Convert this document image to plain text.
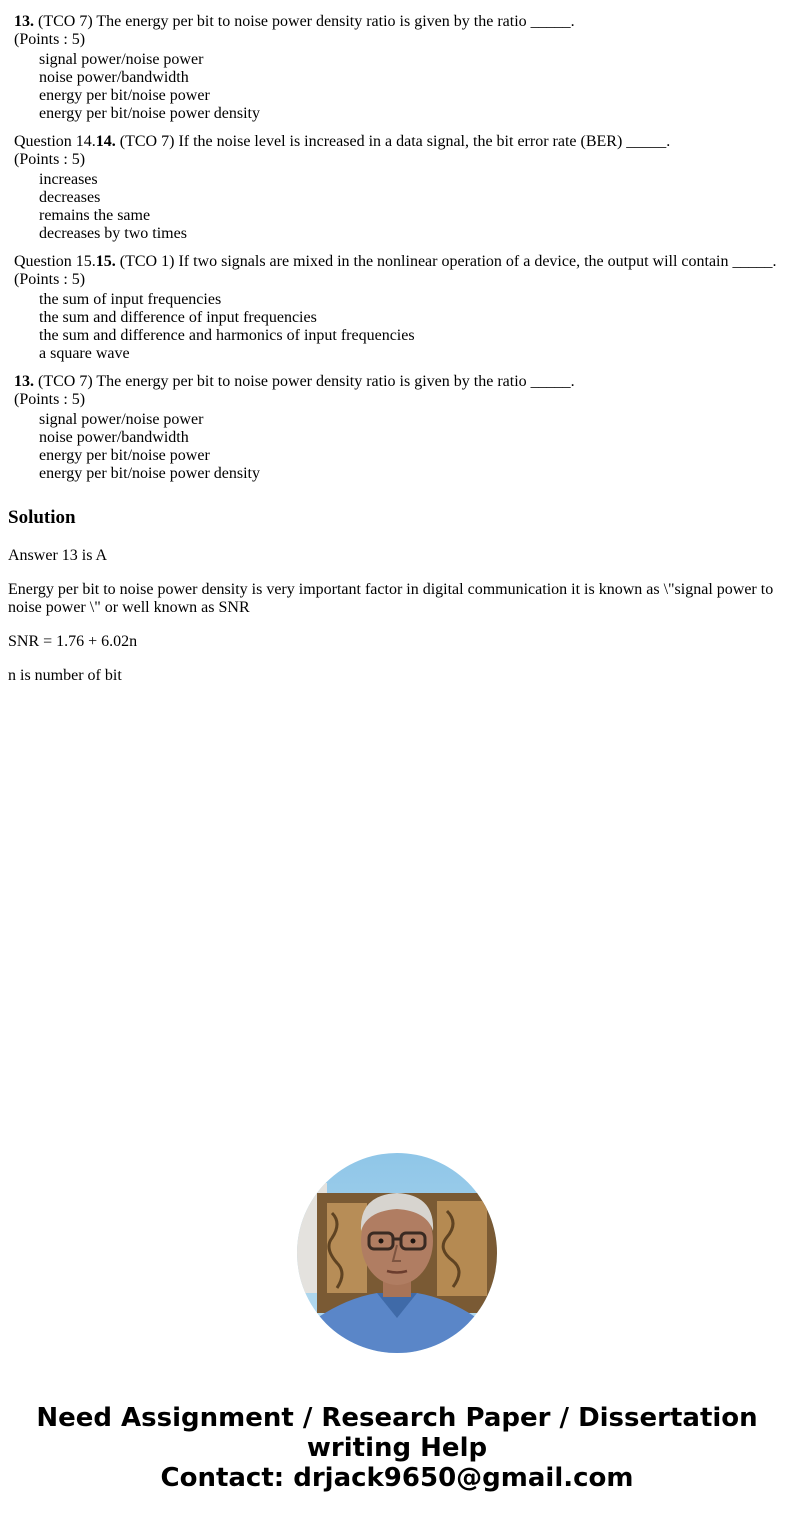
13. (TCO 7) The energy per bit to noise power density ratio is given by the ratio _____.
(Points : 5)
signal power/noise power
noise power/bandwidth
energy per bit/noise power
energy per bit/noise power density
Question 14.14. (TCO 7) If the noise level is increased in a data signal, the bit error rate (BER) _____.
(Points : 5)
increases
decreases
remains the same
decreases by two times
Question 15.15. (TCO 1) If two signals are mixed in the nonlinear operation of a device, the output will contain _____.
(Points : 5)
the sum of input frequencies
the sum and difference of input frequencies
the sum and difference and harmonics of input frequencies
a square wave
13. (TCO 7) The energy per bit to noise power density ratio is given by the ratio _____.
(Points : 5)
signal power/noise power
noise power/bandwidth
energy per bit/noise power
energy per bit/noise power density
Solution
Answer 13 is A
Energy per bit to noise power density is very important factor in digital communication it is known as \"signal power to noise power \" or well known as SNR
SNR = 1.76 + 6.02n
n is number of bit
Need Assignment / Research Paper / Dissertation
writing Help
Contact: drjack9650@gmail.com
